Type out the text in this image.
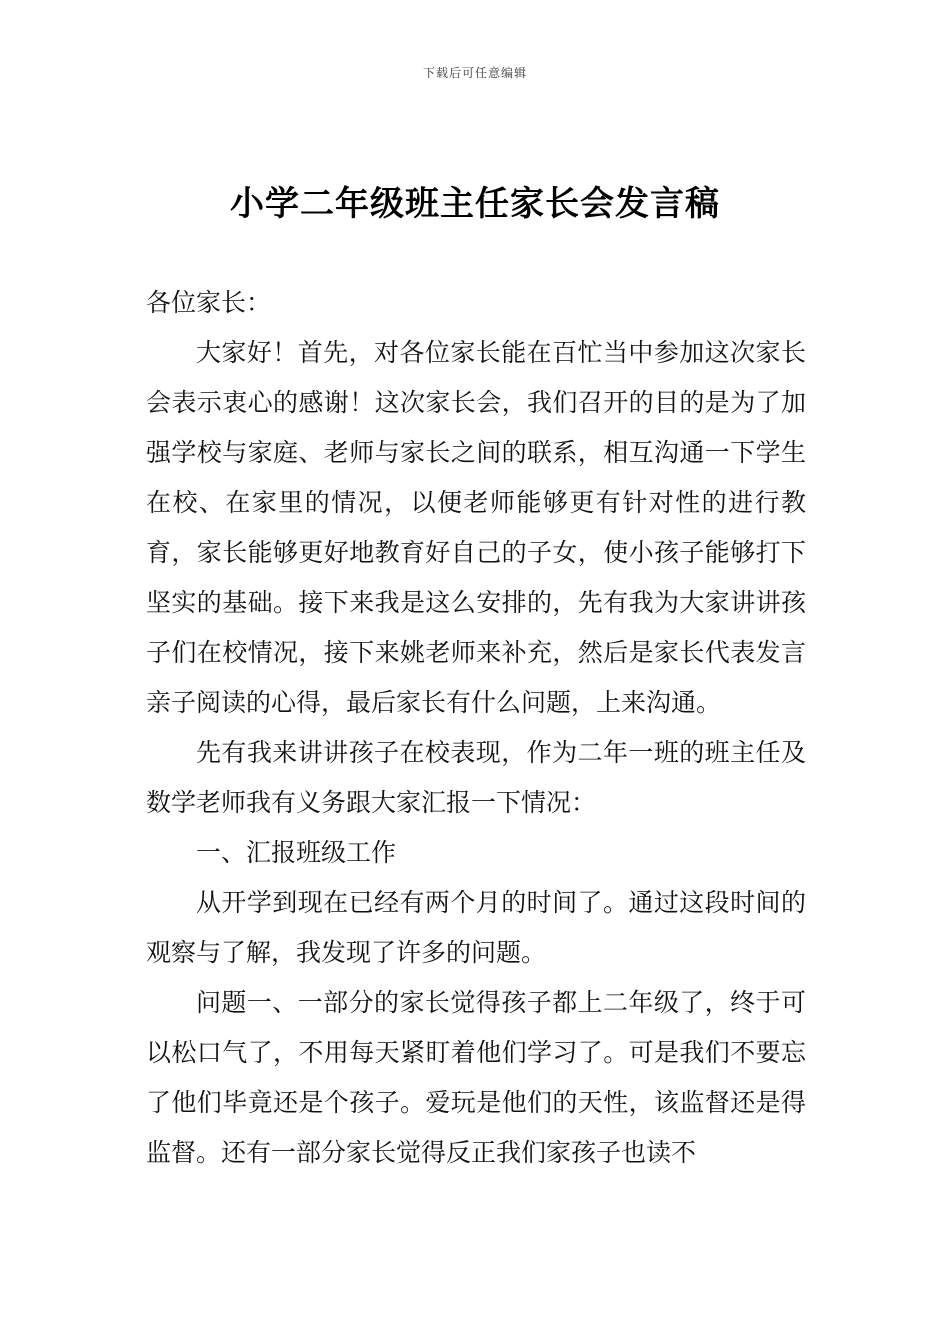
下载后可任意编辑
小学二年级班主任家长会发言稿

各位家长：

大家好！首先，对各位家长能在百忙当中参加这次家长会表示衷心的感谢！这次家长会，我们召开的目的是为了加强学校与家庭、老师与家长之间的联系，相互沟通一下学生在校、在家里的情况，以便老师能够更有针对性的进行教育，家长能够更好地教育好自己的子女，使小孩子能够打下坚实的基础。接下来我是这么安排的，先有我为大家讲讲孩子们在校情况，接下来姚老师来补充，然后是家长代表发言亲子阅读的心得，最后家长有什么问题，上来沟通。

先有我来讲讲孩子在校表现，作为二年一班的班主任及数学老师我有义务跟大家汇报一下情况：

一、汇报班级工作

从开学到现在已经有两个月的时间了。通过这段时间的观察与了解，我发现了许多的问题。

问题一、一部分的家长觉得孩子都上二年级了，终于可以松口气了，不用每天紧盯着他们学习了。可是我们不要忘了他们毕竟还是个孩子。爱玩是他们的天性，该监督还是得监督。还有一部分家长觉得反正我们家孩子也读不
